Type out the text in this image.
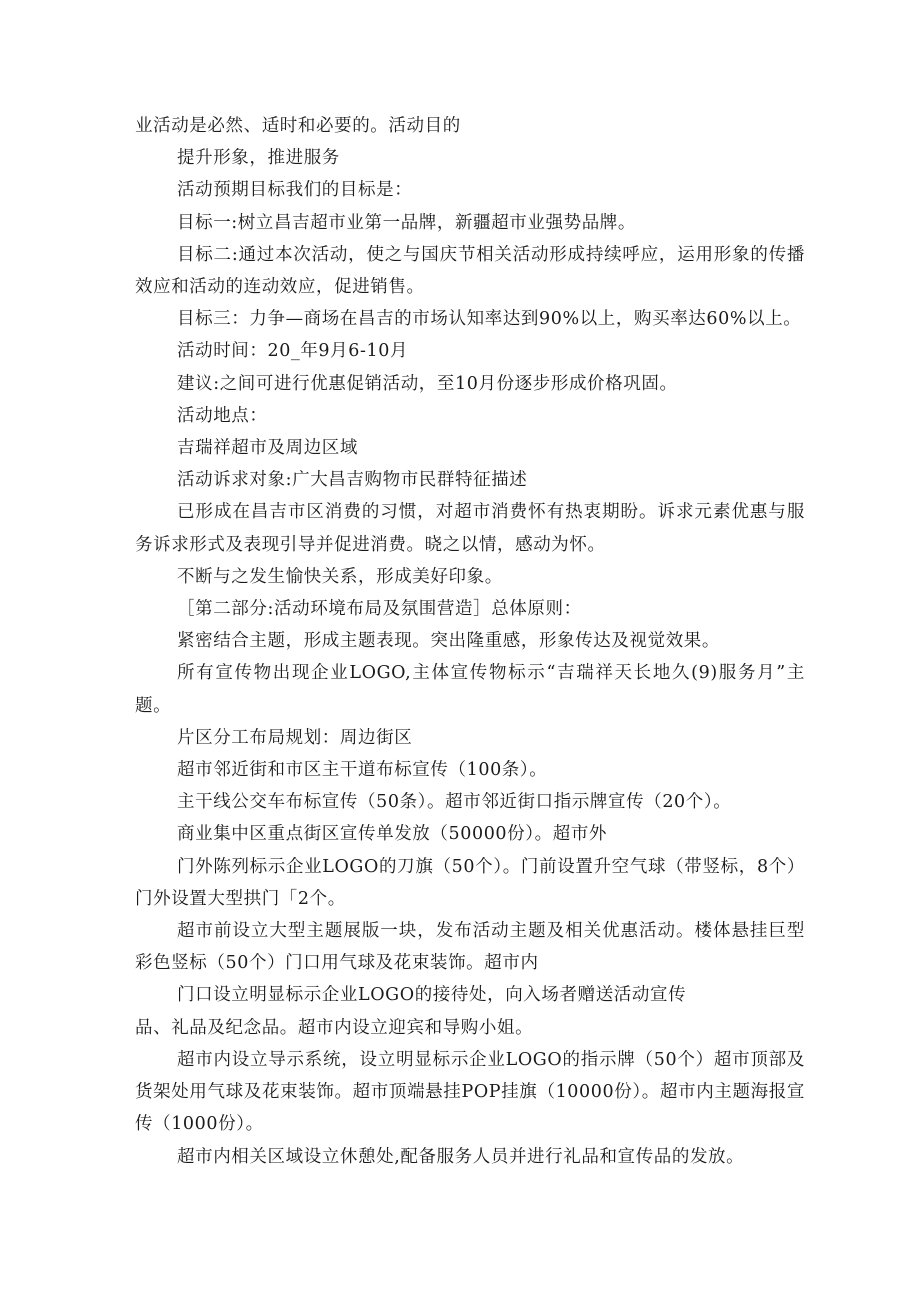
业活动是必然、适时和必要的。活动目的

提升形象，推进服务

活动预期目标我们的目标是：

目标一:树立昌吉超市业第一品牌，新疆超市业强势品牌。

目标二:通过本次活动，使之与国庆节相关活动形成持续呼应，运用形象的传播效应和活动的连动效应，促进销售。

目标三：力争—商场在昌吉的市场认知率达到90%以上，购买率达60%以上。

活动时间：20_年9月6-10月

建议:之间可进行优惠促销活动，至10月份逐步形成价格巩固。

活动地点：

吉瑞祥超市及周边区域

活动诉求对象:广大昌吉购物市民群特征描述

已形成在昌吉市区消费的习惯，对超市消费怀有热衷期盼。诉求元素优惠与服务诉求形式及表现引导并促进消费。晓之以情，感动为怀。

不断与之发生愉快关系，形成美好印象。

［第二部分:活动环境布局及氛围营造］总体原则：

紧密结合主题，形成主题表现。突出隆重感，形象传达及视觉效果。

所有宣传物出现企业LOGO,主体宣传物标示“吉瑞祥天长地久(9)服务月”主题。

片区分工布局规划：周边街区

超市邻近街和市区主干道布标宣传（100条）。

主干线公交车布标宣传（50条）。超市邻近街口指示牌宣传（20个）。

商业集中区重点街区宣传单发放（50000份）。超市外

门外陈列标示企业LOGO的刀旗（50个）。门前设置升空气球（带竖标，8个）门外设置大型拱门「2个。

超市前设立大型主题展版一块，发布活动主题及相关优惠活动。楼体悬挂巨型彩色竖标（50个）门口用气球及花束装饰。超市内

门口设立明显标示企业LOGO的接待处，向入场者赠送活动宣传

品、礼品及纪念品。超市内设立迎宾和导购小姐。

超市内设立导示系统，设立明显标示企业LOGO的指示牌（50个）超市顶部及货架处用气球及花束装饰。超市顶端悬挂POP挂旗（10000份）。超市内主题海报宣传（1000份）。

超市内相关区域设立休憩处,配备服务人员并进行礼品和宣传品的发放。
